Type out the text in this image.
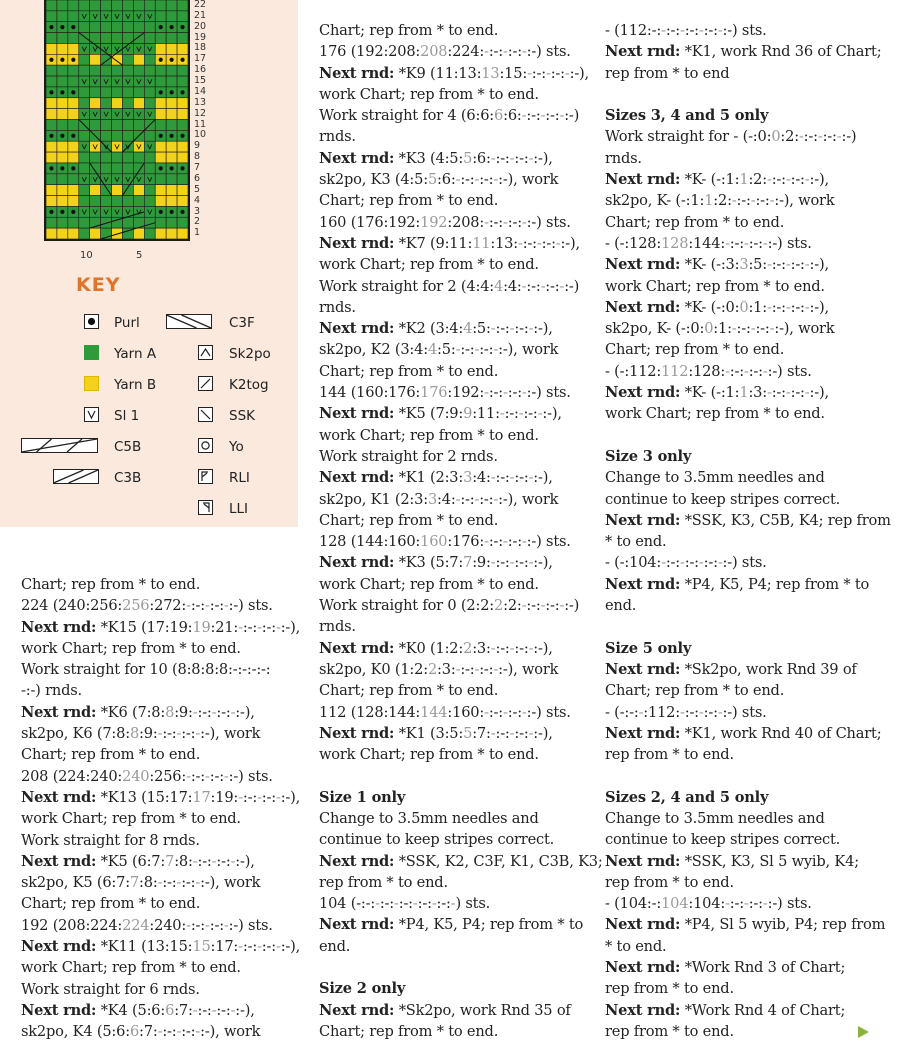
22
21
20
19
18
17
16
15
14
13
12
11
10
9
8
7
6
5
4
3
2
1
10	5
KEY
Purl
Yarn A
Yarn B
Sl 1
C5B
C3B
C3F
Sk2po
K2tog
SSK
Yo
RLI
LLI

Chart; rep from * to end.

224 (240:256:256:272:-:-:-:-:-:-) sts.

Next rnd: *K15 (17:19:19:21:-:-:-:-:-:-),

work Chart; rep from * to end.

Work straight for 10 (8:8:8:8:-:-:-:-:

-:-) rnds.

Next rnd: *K6 (7:8:8:9:-:-:-:-:-:-),

sk2po, K6 (7:8:8:9:-:-:-:-:-:-), work

Chart; rep from * to end.

208 (224:240:240:256:-:-:-:-:-:-) sts.

Next rnd: *K13 (15:17:17:19:-:-:-:-:-:-),

work Chart; rep from * to end.

Work straight for 8 rnds.

Next rnd: *K5 (6:7:7:8:-:-:-:-:-:-),

sk2po, K5 (6:7:7:8:-:-:-:-:-:-), work

Chart; rep from * to end.

192 (208:224:224:240:-:-:-:-:-:-) sts.

Next rnd: *K11 (13:15:15:17:-:-:-:-:-:-),

work Chart; rep from * to end.

Work straight for 6 rnds.

Next rnd: *K4 (5:6:6:7:-:-:-:-:-:-),

sk2po, K4 (5:6:6:7:-:-:-:-:-:-), work

Chart; rep from * to end.

176 (192:208:208:224:-:-:-:-:-:-) sts.

Next rnd: *K9 (11:13:13:15:-:-:-:-:-:-),

work Chart; rep from * to end.

Work straight for 4 (6:6:6:6:-:-:-:-:-:-)

rnds.

Next rnd: *K3 (4:5:5:6:-:-:-:-:-:-),

sk2po, K3 (4:5:5:6:-:-:-:-:-:-), work

Chart; rep from * to end.

160 (176:192:192:208:-:-:-:-:-:-) sts.

Next rnd: *K7 (9:11:11:13:-:-:-:-:-:-),

work Chart; rep from * to end.

Work straight for 2 (4:4:4:4:-:-:-:-:-:-)

rnds.

Next rnd: *K2 (3:4:4:5:-:-:-:-:-:-),

sk2po, K2 (3:4:4:5:-:-:-:-:-:-), work

Chart; rep from * to end.

144 (160:176:176:192:-:-:-:-:-:-) sts.

Next rnd: *K5 (7:9:9:11:-:-:-:-:-:-),

work Chart; rep from * to end.

Work straight for 2 rnds.

Next rnd: *K1 (2:3:3:4:-:-:-:-:-:-),

sk2po, K1 (2:3:3:4:-:-:-:-:-:-), work

Chart; rep from * to end.

128 (144:160:160:176:-:-:-:-:-:-) sts.

Next rnd: *K3 (5:7:7:9:-:-:-:-:-:-),

work Chart; rep from * to end.

Work straight for 0 (2:2:2:2:-:-:-:-:-:-)

rnds.

Next rnd: *K0 (1:2:2:3:-:-:-:-:-:-),

sk2po, K0 (1:2:2:3:-:-:-:-:-:-), work

Chart; rep from * to end.

112 (128:144:144:160:-:-:-:-:-:-) sts.

Next rnd: *K1 (3:5:5:7:-:-:-:-:-:-),

work Chart; rep from * to end.

Size 1 only

Change to 3.5mm needles and

continue to keep stripes correct.

Next rnd: *SSK, K2, C3F, K1, C3B, K3;

rep from * to end.

104 (-:-:-:-:-:-:-:-:-:-:-) sts.

Next rnd: *P4, K5, P4; rep from * to

end.

Size 2 only

Next rnd: *Sk2po, work Rnd 35 of

Chart; rep from * to end.

- (112:-:-:-:-:-:-:-:-:-) sts.

Next rnd: *K1, work Rnd 36 of Chart;

rep from * to end

Sizes 3, 4 and 5 only

Work straight for - (-:0:0:2:-:-:-:-:-:-)

rnds.

Next rnd: *K- (-:1:1:2:-:-:-:-:-:-),

sk2po, K- (-:1:1:2:-:-:-:-:-:-), work

Chart; rep from * to end.

- (-:128:128:144:-:-:-:-:-:-) sts.

Next rnd: *K- (-:3:3:5:-:-:-:-:-:-),

work Chart; rep from * to end.

Next rnd: *K- (-:0:0:1:-:-:-:-:-:-),

sk2po, K- (-:0:0:1:-:-:-:-:-:-), work

Chart; rep from * to end.

- (-:112:112:128:-:-:-:-:-:-) sts.

Next rnd: *K- (-:1:1:3:-:-:-:-:-:-),

work Chart; rep from * to end.

Size 3 only

Change to 3.5mm needles and

continue to keep stripes correct.

Next rnd: *SSK, K3, C5B, K4; rep from

* to end.

- (-:104:-:-:-:-:-:-:-:-) sts.

Next rnd: *P4, K5, P4; rep from * to

end.

Size 5 only

Next rnd: *Sk2po, work Rnd 39 of

Chart; rep from * to end.

- (-:-:-:112:-:-:-:-:-:-) sts.

Next rnd: *K1, work Rnd 40 of Chart;

rep from * to end.

Sizes 2, 4 and 5 only

Change to 3.5mm needles and

continue to keep stripes correct.

Next rnd: *SSK, K3, Sl 5 wyib, K4;

rep from * to end.

- (104:-:104:104:-:-:-:-:-:-) sts.

Next rnd: *P4, Sl 5 wyib, P4; rep from

* to end.

Next rnd: *Work Rnd 3 of Chart;

rep from * to end.

Next rnd: *Work Rnd 4 of Chart;

rep from * to end.
